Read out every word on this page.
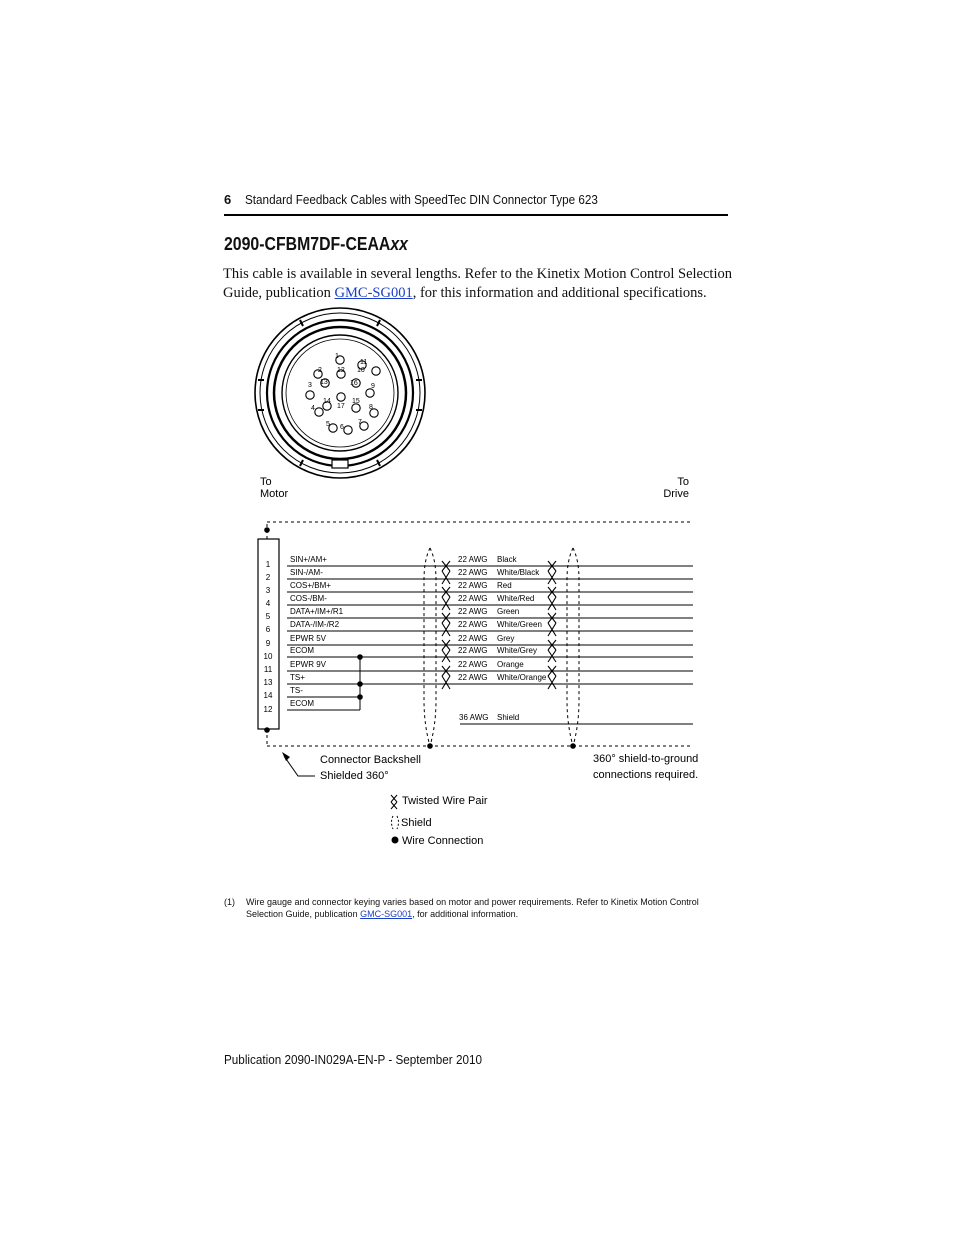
6 Standard Feedback Cables with SpeedTec DIN Connector Type 623
2090-CFBM7DF-CEAAxx
This cable is available in several lengths. Refer to the Kinetix Motion Control Selection Guide, publication GMC-SG001, for this information and additional specifications.
1
2
3
4
5 6
7
8
9
10
11
12
13
14	15
16
17
To
Motor
To
Drive
1
2
3
4
5
6
9
10
11
13
14
12
SIN+/AM+
SIN-/AM-
COS+/BM+
COS-/BM-
DATA+/IM+/R1
DATA-/IM-/R2
EPWR 5V
ECOM
EPWR 9V
TS+
TS-
ECOM
22 AWG
22 AWG
22 AWG
22 AWG
22 AWG
22 AWG
22 AWG
22 AWG
22 AWG
22 AWG
Black
White/Black
Red
White/Red
Green
White/Green
Grey
White/Grey
Orange
White/Orange
36 AWG Shield
Connector Backshell
Shielded 360°
360° shield-to-ground
connections required.
Twisted Wire Pair
Shield
Wire Connection
(1) Wire gauge and connector keying varies based on motor and power requirements. Refer to Kinetix Motion Control Selection Guide, publication GMC-SG001, for additional information.
Publication 2090-IN029A-EN-P - September 2010
